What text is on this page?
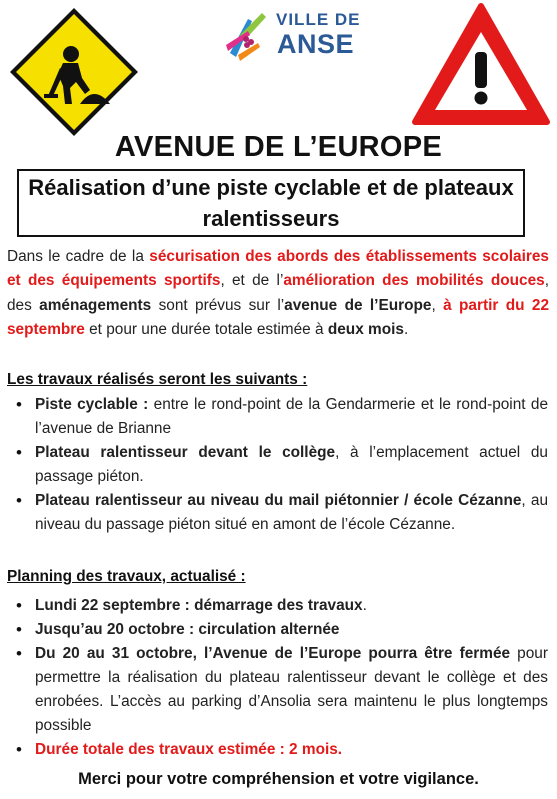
VILLE DE
ANSE
AVENUE DE L’EUROPE
Réalisation d’une piste cyclable et de plateaux ralentisseurs
Dans le cadre de la sécurisation des abords des établissements scolaires et des équipements sportifs, et de l’amélioration des mobilités douces, des aménagements sont prévus sur l’avenue de l’Europe, à partir du 22 septembre et pour une durée totale estimée à deux mois.
Les travaux réalisés seront les suivants :
• Piste cyclable : entre le rond-point de la Gendarmerie et le rond-point de l’avenue de Brianne
• Plateau ralentisseur devant le collège, à l’emplacement actuel du passage piéton.
• Plateau ralentisseur au niveau du mail piétonnier / école Cézanne, au niveau du passage piéton situé en amont de l’école Cézanne.
Planning des travaux, actualisé :
• Lundi 22 septembre : démarrage des travaux.
• Jusqu’au 20 octobre : circulation alternée
• Du 20 au 31 octobre, l’Avenue de l’Europe pourra être fermée pour permettre la réalisation du plateau ralentisseur devant le collège et des enrobées. L’accès au parking d’Ansolia sera maintenu le plus longtemps possible
• Durée totale des travaux estimée : 2 mois.
Merci pour votre compréhension et votre vigilance.
